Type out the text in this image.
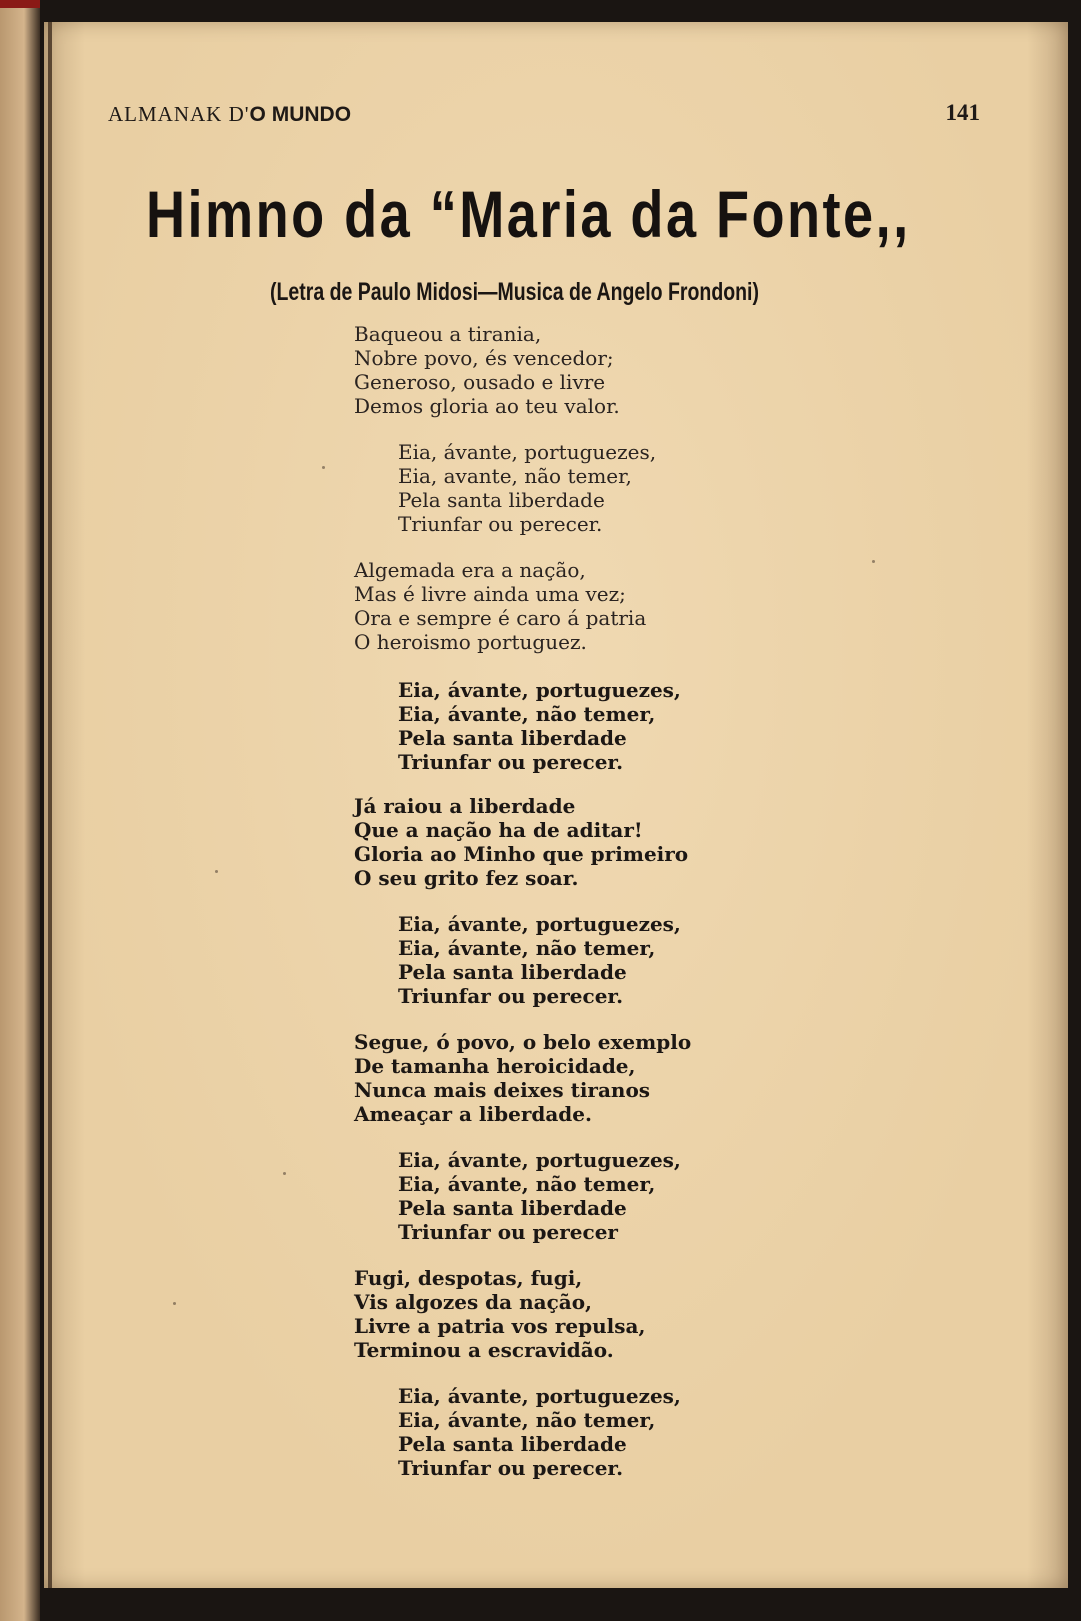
ALMANAK D'O MUNDO	141
Himno da “Maria da Fonte,,
(Letra de Paulo Midosi—Musica de Angelo Frondoni)
Baqueou a tirania,
Nobre povo, és vencedor;
Generoso, ousado e livre
Demos gloria ao teu valor.
Eia, ávante, portuguezes,
Eia, avante, não temer,
Pela santa liberdade
Triunfar ou perecer.
Algemada era a nação,
Mas é livre ainda uma vez;
Ora e sempre é caro á patria
O heroismo portuguez.
Eia, ávante, portuguezes,
Eia, ávante, não temer,
Pela santa liberdade
Triunfar ou perecer.
Já raiou a liberdade
Que a nação ha de aditar!
Gloria ao Minho que primeiro
O seu grito fez soar.
Eia, ávante, portuguezes,
Eia, ávante, não temer,
Pela santa liberdade
Triunfar ou perecer.
Segue, ó povo, o belo exemplo
De tamanha heroicidade,
Nunca mais deixes tiranos
Ameaçar a liberdade.
Eia, ávante, portuguezes,
Eia, ávante, não temer,
Pela santa liberdade
Triunfar ou perecer
Fugi, despotas, fugi,
Vis algozes da nação,
Livre a patria vos repulsa,
Terminou a escravidão.
Eia, ávante, portuguezes,
Eia, ávante, não temer,
Pela santa liberdade
Triunfar ou perecer.
